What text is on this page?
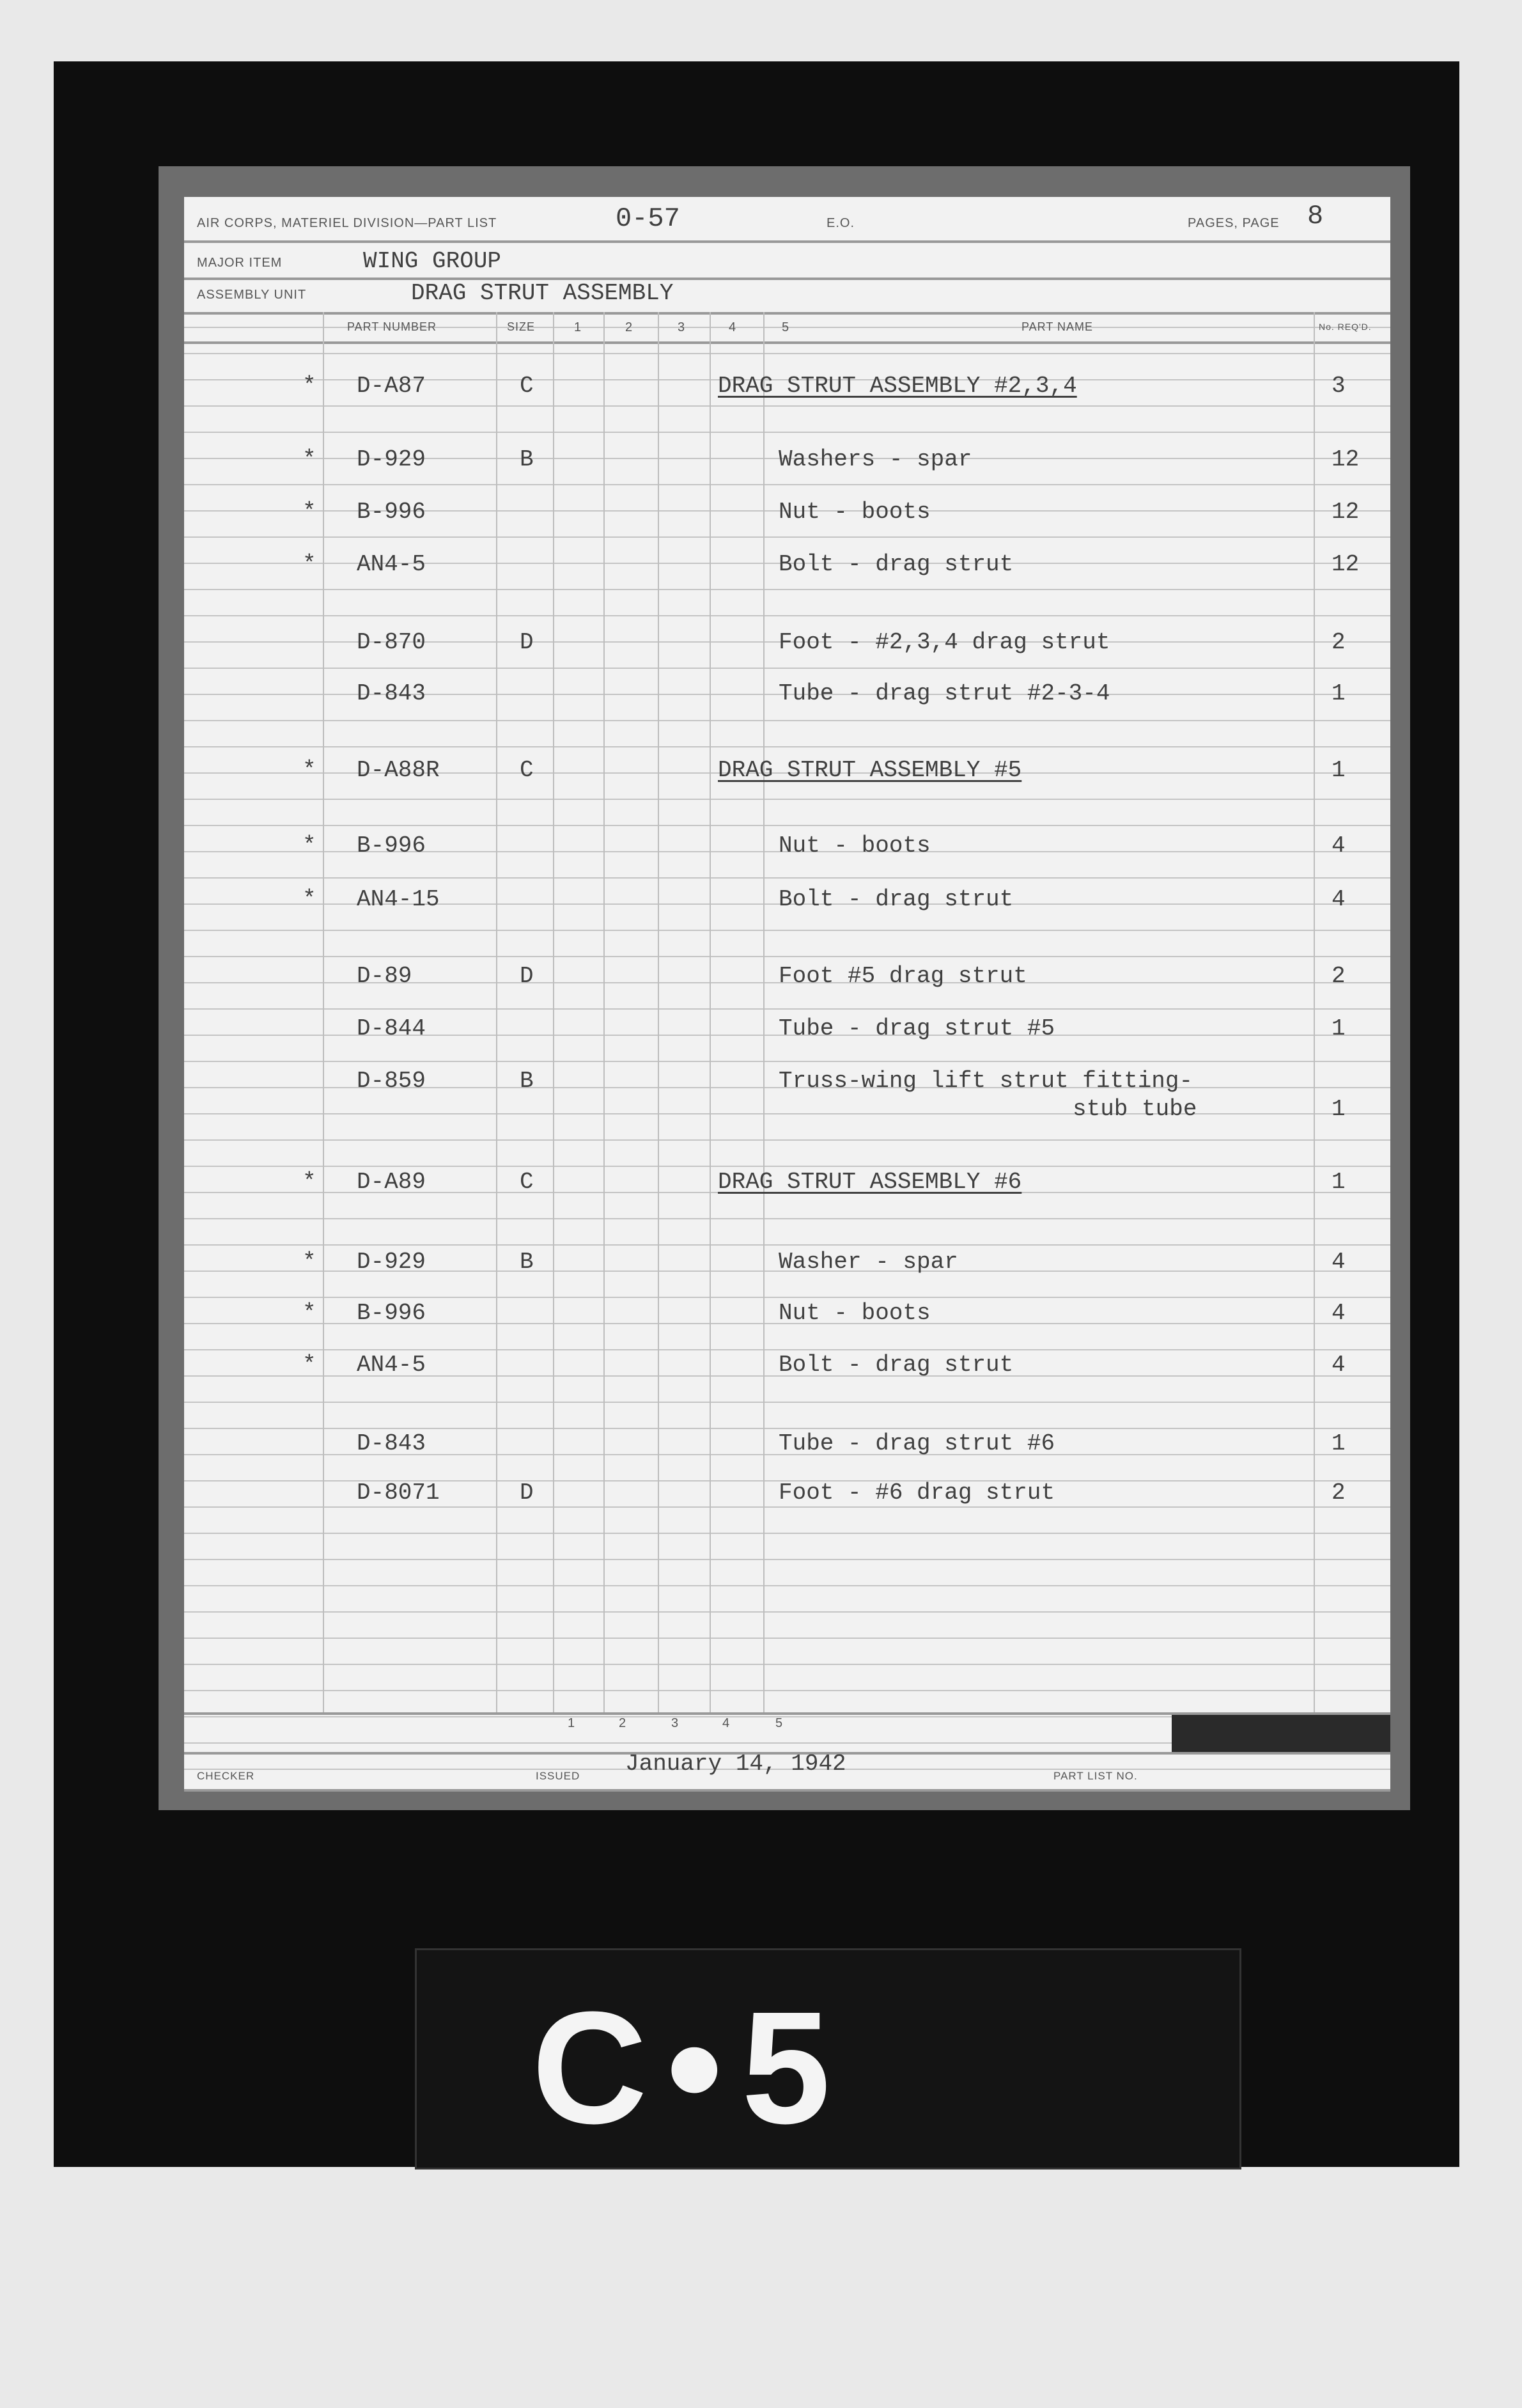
AIR CORPS, MATERIEL DIVISION—PART LIST	0-57	E.O.	PAGES, PAGE 8
MAJOR ITEM	WING GROUP
ASSEMBLY UNIT	DRAG STRUT ASSEMBLY
PART NUMBER	SIZE	1	2	3	4	5	PART NAME	No. REQ'D.
* D-A87	C	DRAG STRUT ASSEMBLY #2,3,4	3
* D-929	B	Washers - spar	12
* B-996	Nut - boots	12
* AN4-5	Bolt - drag strut	12
D-870	D	Foot - #2,3,4 drag strut	2
D-843	Tube - drag strut #2-3-4	1
* D-A88R	C	DRAG STRUT ASSEMBLY #5	1
* B-996	Nut - boots	4
* AN4-15	Bolt - drag strut	4
D-89	D	Foot #5 drag strut	2
D-844	Tube - drag strut #5	1
D-859	B	Truss-wing lift strut fitting-
stub tube	1
* D-A89	C	DRAG STRUT ASSEMBLY #6	1
* D-929	B	Washer - spar	4
* B-996	Nut - boots	4
* AN4-5	Bolt - drag strut	4
D-843	Tube - drag strut #6	1
D-8071	D	Foot - #6 drag strut	2
1	2	3	4	5
CHECKER	ISSUED January 14, 1942	PART LIST NO.
C•5
